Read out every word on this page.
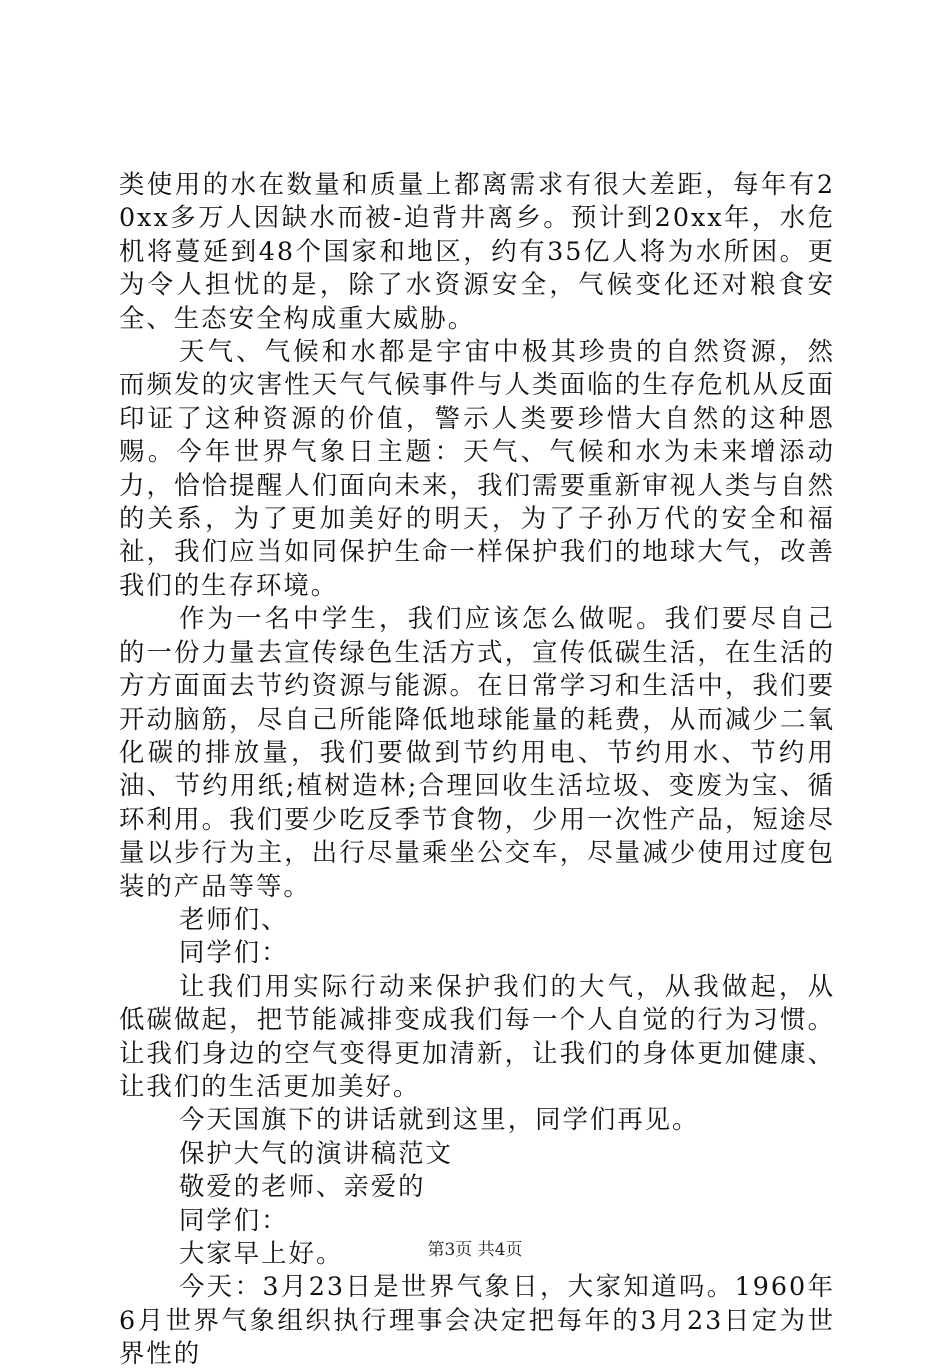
类使用的水在数量和质量上都离需求有很大差距，每年有20xx多万人因缺水而被-迫背井离乡。预计到20xx年，水危机将蔓延到48个国家和地区，约有35亿人将为水所困。更为令人担忧的是，除了水资源安全，气候变化还对粮食安全、生态安全构成重大威胁。

天气、气候和水都是宇宙中极其珍贵的自然资源，然而频发的灾害性天气气候事件与人类面临的生存危机从反面印证了这种资源的价值，警示人类要珍惜大自然的这种恩赐。今年世界气象日主题：天气、气候和水为未来增添动力，恰恰提醒人们面向未来，我们需要重新审视人类与自然的关系，为了更加美好的明天，为了子孙万代的安全和福祉，我们应当如同保护生命一样保护我们的地球大气，改善我们的生存环境。

作为一名中学生，我们应该怎么做呢。我们要尽自己的一份力量去宣传绿色生活方式，宣传低碳生活，在生活的方方面面去节约资源与能源。在日常学习和生活中，我们要开动脑筋，尽自己所能降低地球能量的耗费，从而减少二氧化碳的排放量，我们要做到节约用电、节约用水、节约用油、节约用纸;植树造林;合理回收生活垃圾、变废为宝、循环利用。我们要少吃反季节食物，少用一次性产品，短途尽量以步行为主，出行尽量乘坐公交车，尽量减少使用过度包装的产品等等。

老师们、

同学们：

让我们用实际行动来保护我们的大气，从我做起，从低碳做起，把节能减排变成我们每一个人自觉的行为习惯。让我们身边的空气变得更加清新，让我们的身体更加健康、让我们的生活更加美好。

今天国旗下的讲话就到这里，同学们再见。

保护大气的演讲稿范文

敬爱的老师、亲爱的

同学们：

大家早上好。

今天：3月23日是世界气象日，大家知道吗。1960年6月世界气象组织执行理事会决定把每年的3月23日定为世界性的

第3页 共4页
